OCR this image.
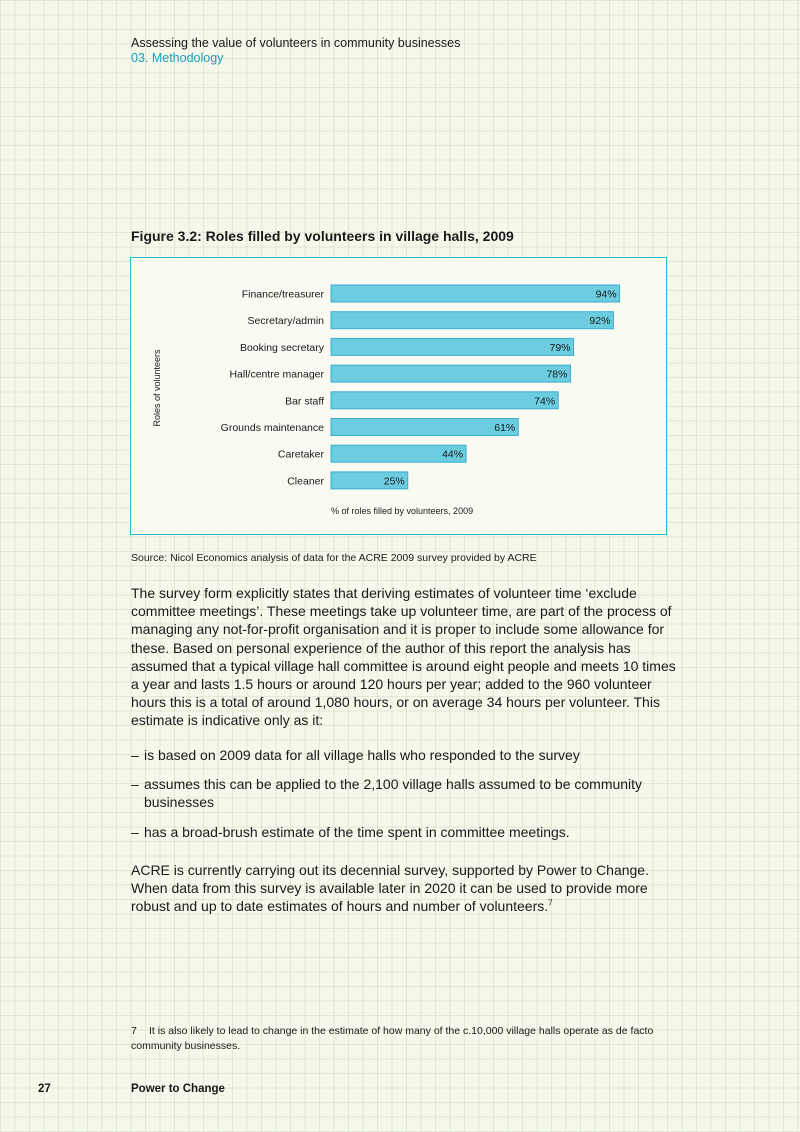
Assessing the value of volunteers in community businesses
03. Methodology
Figure 3.2: Roles filled by volunteers in village halls, 2009
Finance/treasurer	94%
Secretary/admin	92%
Booking secretary	79%
Hall/centre manager	78%
Bar staff	74%
Grounds maintenance	61%
Caretaker	44%
Cleaner	25%
% of roles filled by volunteers, 2009
Roles of volunteers
Source: Nicol Economics analysis of data for the ACRE 2009 survey provided by ACRE

The survey form explicitly states that deriving estimates of volunteer time ‘exclude committee meetings’. These meetings take up volunteer time, are part of the process of managing any not-for-profit organisation and it is proper to include some allowance for these. Based on personal experience of the author of this report the analysis has assumed that a typical village hall committee is around eight people and meets 10 times a year and lasts 1.5 hours or around 120 hours per year; added to the 960 volunteer hours this is a total of around 1,080 hours, or on average 34 hours per volunteer. This estimate is indicative only as it:

– is based on 2009 data for all village halls who responded to the survey
– assumes this can be applied to the 2,100 village halls assumed to be community businesses
– has a broad-brush estimate of the time spent in committee meetings.

ACRE is currently carrying out its decennial survey, supported by Power to Change. When data from this survey is available later in 2020 it can be used to provide more robust and up to date estimates of hours and number of volunteers.$^7$

7 It is also likely to lead to change in the estimate of how many of the c.10,000 village halls operate as de facto community businesses.
27	Power to Change
